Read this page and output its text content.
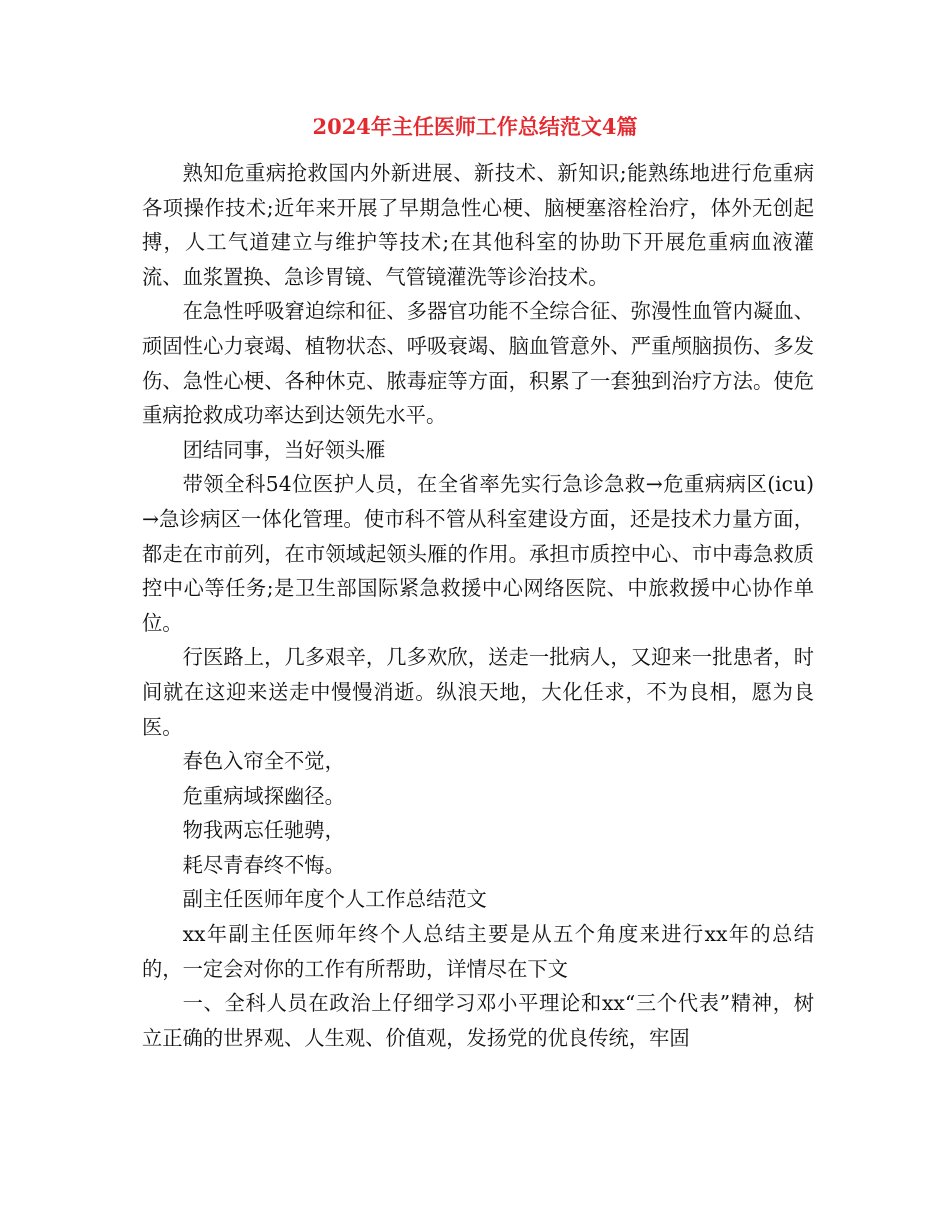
2024年主任医师工作总结范文4篇

熟知危重病抢救国内外新进展、新技术、新知识;能熟练地进行危重病各项操作技术;近年来开展了早期急性心梗、脑梗塞溶栓治疗，体外无创起搏，人工气道建立与维护等技术;在其他科室的协助下开展危重病血液灌流、血浆置换、急诊胃镜、气管镜灌洗等诊治技术。

在急性呼吸窘迫综和征、多器官功能不全综合征、弥漫性血管内凝血、顽固性心力衰竭、植物状态、呼吸衰竭、脑血管意外、严重颅脑损伤、多发伤、急性心梗、各种休克、脓毒症等方面，积累了一套独到治疗方法。使危重病抢救成功率达到达领先水平。

团结同事，当好领头雁

带领全科54位医护人员，在全省率先实行急诊急救→危重病病区(icu)→急诊病区一体化管理。使市科不管从科室建设方面，还是技术力量方面，都走在市前列，在市领域起领头雁的作用。承担市质控中心、市中毒急救质控中心等任务;是卫生部国际紧急救援中心网络医院、中旅救援中心协作单位。

行医路上，几多艰辛，几多欢欣，送走一批病人，又迎来一批患者，时间就在这迎来送走中慢慢消逝。纵浪天地，大化任求，不为良相，愿为良医。

春色入帘全不觉，

危重病域探幽径。

物我两忘任驰骋，

耗尽青春终不悔。

副主任医师年度个人工作总结范文

xx年副主任医师年终个人总结主要是从五个角度来进行xx年的总结的，一定会对你的工作有所帮助，详情尽在下文

一、全科人员在政治上仔细学习邓小平理论和xx“三个代表”精神，树立正确的世界观、人生观、价值观，发扬党的优良传统，牢固
